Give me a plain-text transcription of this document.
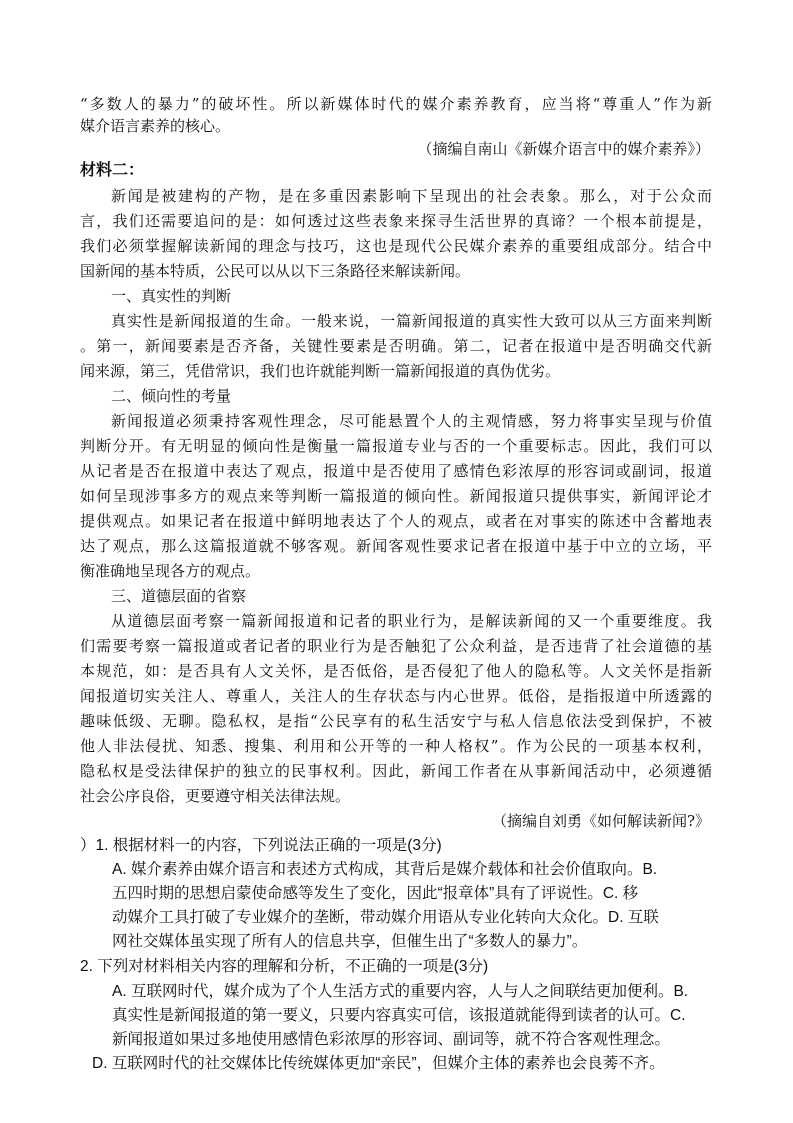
“多数人的暴力”的破坏性。所以新媒体时代的媒介素养教育，应当将“尊重人”作为新
媒介语言素养的核心。
（摘编自南山《新媒介语言中的媒介素养》）
材料二：
新闻是被建构的产物，是在多重因素影响下呈现出的社会表象。那么，对于公众而
言，我们还需要追问的是：如何透过这些表象来探寻生活世界的真谛？一个根本前提是，
我们必须掌握解读新闻的理念与技巧，这也是现代公民媒介素养的重要组成部分。结合中
国新闻的基本特质，公民可以从以下三条路径来解读新闻。
一、真实性的判断
真实性是新闻报道的生命。一般来说，一篇新闻报道的真实性大致可以从三方面来判断
。第一，新闻要素是否齐备，关键性要素是否明确。第二，记者在报道中是否明确交代新
闻来源，第三，凭借常识，我们也许就能判断一篇新闻报道的真伪优劣。
二、倾向性的考量
新闻报道必须秉持客观性理念，尽可能悬置个人的主观情感，努力将事实呈现与价值
判断分开。有无明显的倾向性是衡量一篇报道专业与否的一个重要标志。因此，我们可以
从记者是否在报道中表达了观点，报道中是否使用了感情色彩浓厚的形容词或副词，报道
如何呈现涉事多方的观点来等判断一篇报道的倾向性。新闻报道只提供事实，新闻评论才
提供观点。如果记者在报道中鲜明地表达了个人的观点，或者在对事实的陈述中含蓄地表
达了观点，那么这篇报道就不够客观。新闻客观性要求记者在报道中基于中立的立场，平
衡准确地呈现各方的观点。
三、道德层面的省察
从道德层面考察一篇新闻报道和记者的职业行为，是解读新闻的又一个重要维度。我
们需要考察一篇报道或者记者的职业行为是否触犯了公众利益，是否违背了社会道德的基
本规范，如：是否具有人文关怀，是否低俗，是否侵犯了他人的隐私等。人文关怀是指新
闻报道切实关注人、尊重人，关注人的生存状态与内心世界。低俗，是指报道中所透露的
趣味低级、无聊。隐私权，是指“公民享有的私生活安宁与私人信息依法受到保护，不被
他人非法侵扰、知悉、搜集、利用和公开等的一种人格权”。作为公民的一项基本权利，
隐私权是受法律保护的独立的民事权利。因此，新闻工作者在从事新闻活动中，必须遵循
社会公序良俗，更要遵守相关法律法规。
（摘编自刘勇《如何解读新闻?》
）1. 根据材料一的内容，下列说法正确的一项是(3分)
A. 媒介素养由媒介语言和表述方式构成，其背后是媒介载体和社会价值取向。B.
五四时期的思想启蒙使命感等发生了变化，因此“报章体”具有了评说性。C. 移
动媒介工具打破了专业媒介的垄断，带动媒介用语从专业化转向大众化。D. 互联
网社交媒体虽实现了所有人的信息共享，但催生出了“多数人的暴力”。
2. 下列对材料相关内容的理解和分析，不正确的一项是(3分)
A. 互联网时代，媒介成为了个人生活方式的重要内容，人与人之间联结更加便利。B.
真实性是新闻报道的第一要义，只要内容真实可信，该报道就能得到读者的认可。C.
新闻报道如果过多地使用感情色彩浓厚的形容词、副词等，就不符合客观性理念。
D. 互联网时代的社交媒体比传统媒体更加“亲民”，但媒介主体的素养也会良莠不齐。
